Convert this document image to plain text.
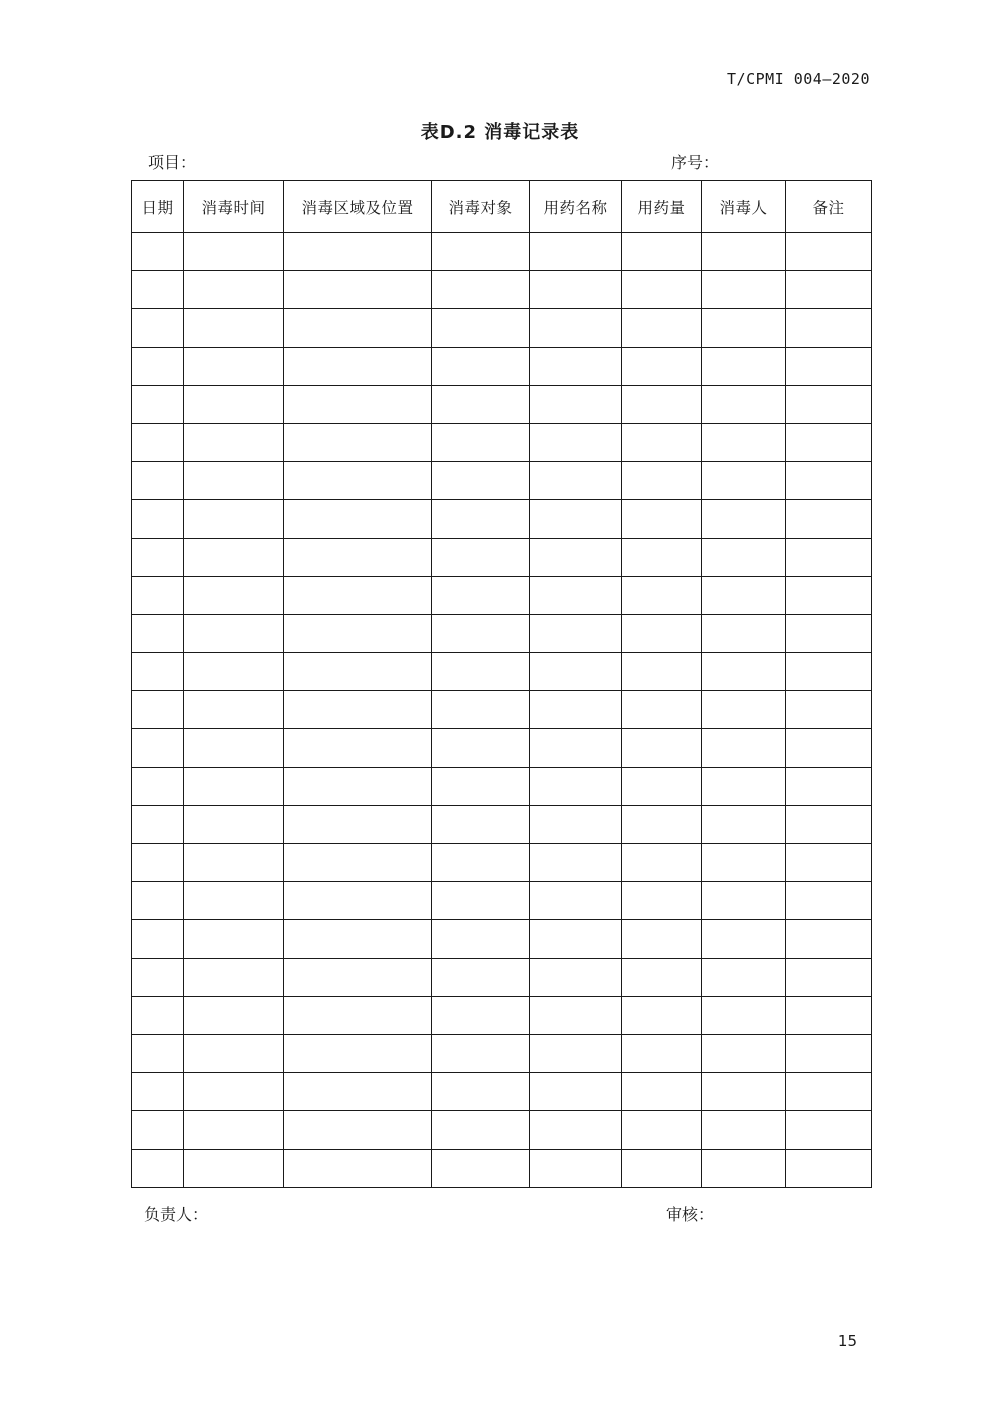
T/CPMI 004—2020
表D.2 消毒记录表
项目：	序号：
日期	消毒时间	消毒区域及位置	消毒对象	用药名称	用药量	消毒人	备注

负责人：	审核：
15
